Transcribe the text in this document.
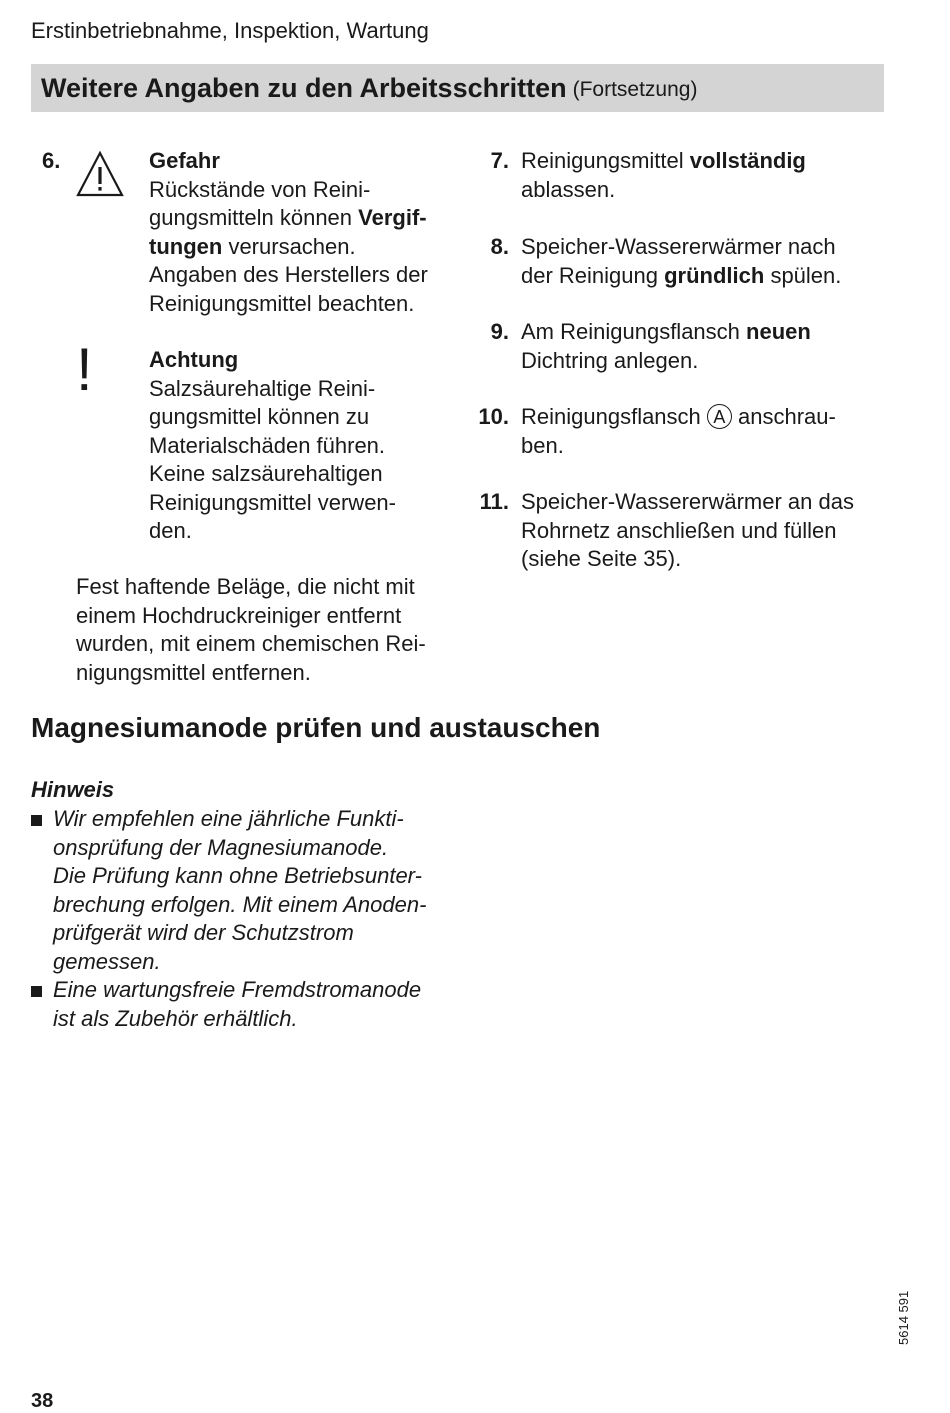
Erstinbetriebnahme, Inspektion, Wartung
Weitere Angaben zu den Arbeitsschritten (Fortsetzung)
6.	Gefahr
Rückstände von Reini-
gungsmitteln können Vergif-
tungen verursachen.
Angaben des Herstellers der
Reinigungsmittel beachten.
!	Achtung
Salzsäurehaltige Reini-
gungsmittel können zu
Materialschäden führen.
Keine salzsäurehaltigen
Reinigungsmittel verwen-
den.
Fest haftende Beläge, die nicht mit
einem Hochdruckreiniger entfernt
wurden, mit einem chemischen Rei-
nigungsmittel entfernen.
7. Reinigungsmittel vollständig
ablassen.
8. Speicher-Wassererwärmer nach
der Reinigung gründlich spülen.
9. Am Reinigungsflansch neuen
Dichtring anlegen.
10. Reinigungsflansch A anschrau-
ben.
11. Speicher-Wassererwärmer an das
Rohrnetz anschließen und füllen
(siehe Seite 35).
Magnesiumanode prüfen und austauschen
Hinweis
Wir empfehlen eine jährliche Funkti-
onsprüfung der Magnesiumanode.
Die Prüfung kann ohne Betriebsunter-
brechung erfolgen. Mit einem Anoden-
prüfgerät wird der Schutzstrom
gemessen.
Eine wartungsfreie Fremdstromanode
ist als Zubehör erhältlich.
5614 591
38
